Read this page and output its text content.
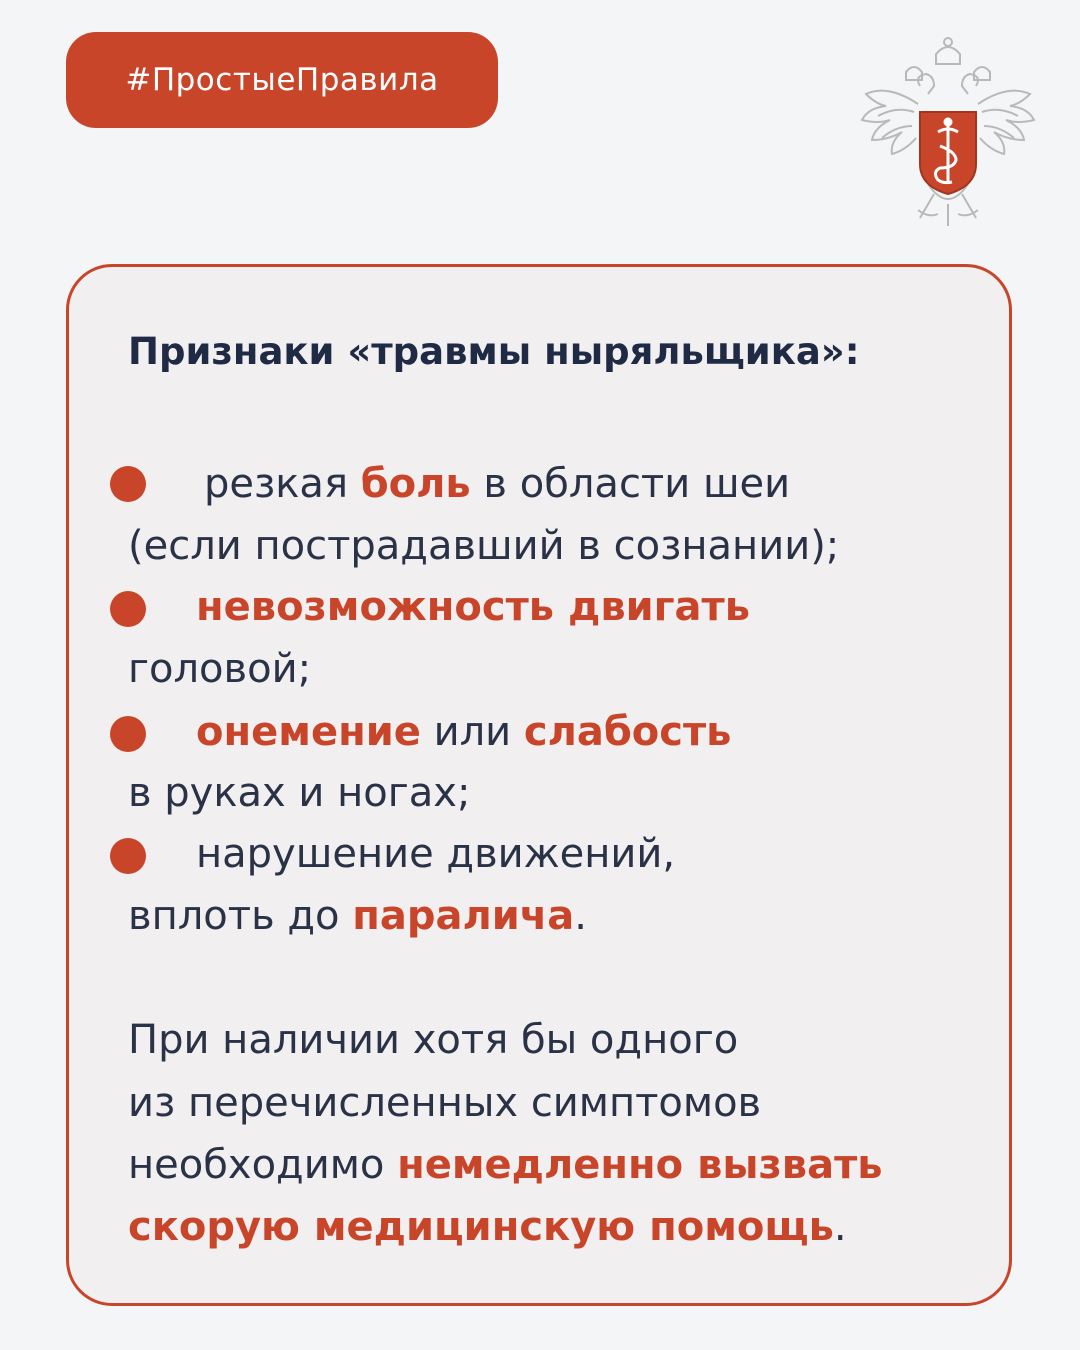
#ПростыеПравила
Признаки «травмы ныряльщика»:
резкая боль в области шеи
(если пострадавший в сознании);
невозможность двигать
головой;
онемение или слабость
в руках и ногах;
нарушение движений,
вплоть до паралича.
При наличии хотя бы одного
из перечисленных симптомов
необходимо немедленно вызвать
скорую медицинскую помощь.
